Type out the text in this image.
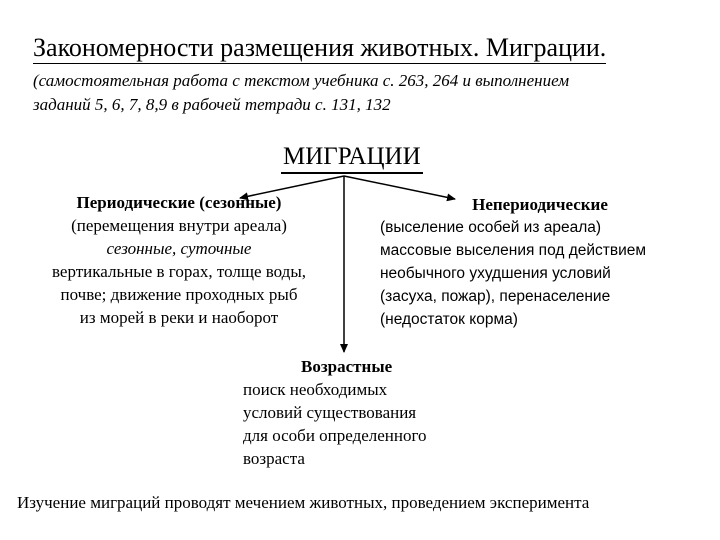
Закономерности размещения животных. Миграции.
(самостоятельная работа с текстом учебника с. 263, 264 и выполнением
заданий 5, 6, 7, 8,9 в рабочей тетради с. 131, 132
МИГРАЦИИ
Периодические (сезонные)
(перемещения внутри ареала)
сезонные, суточные
вертикальные в горах, толще воды,
почве; движение проходных рыб
из морей в реки и наоборот
Непериодические
(выселение особей из ареала)
массовые выселения под действием
необычного ухудшения условий
(засуха, пожар), перенаселение
(недостаток корма)
Возрастные
поиск необходимых
условий существования
для особи определенного
возраста
Изучение миграций проводят мечением животных, проведением эксперимента
